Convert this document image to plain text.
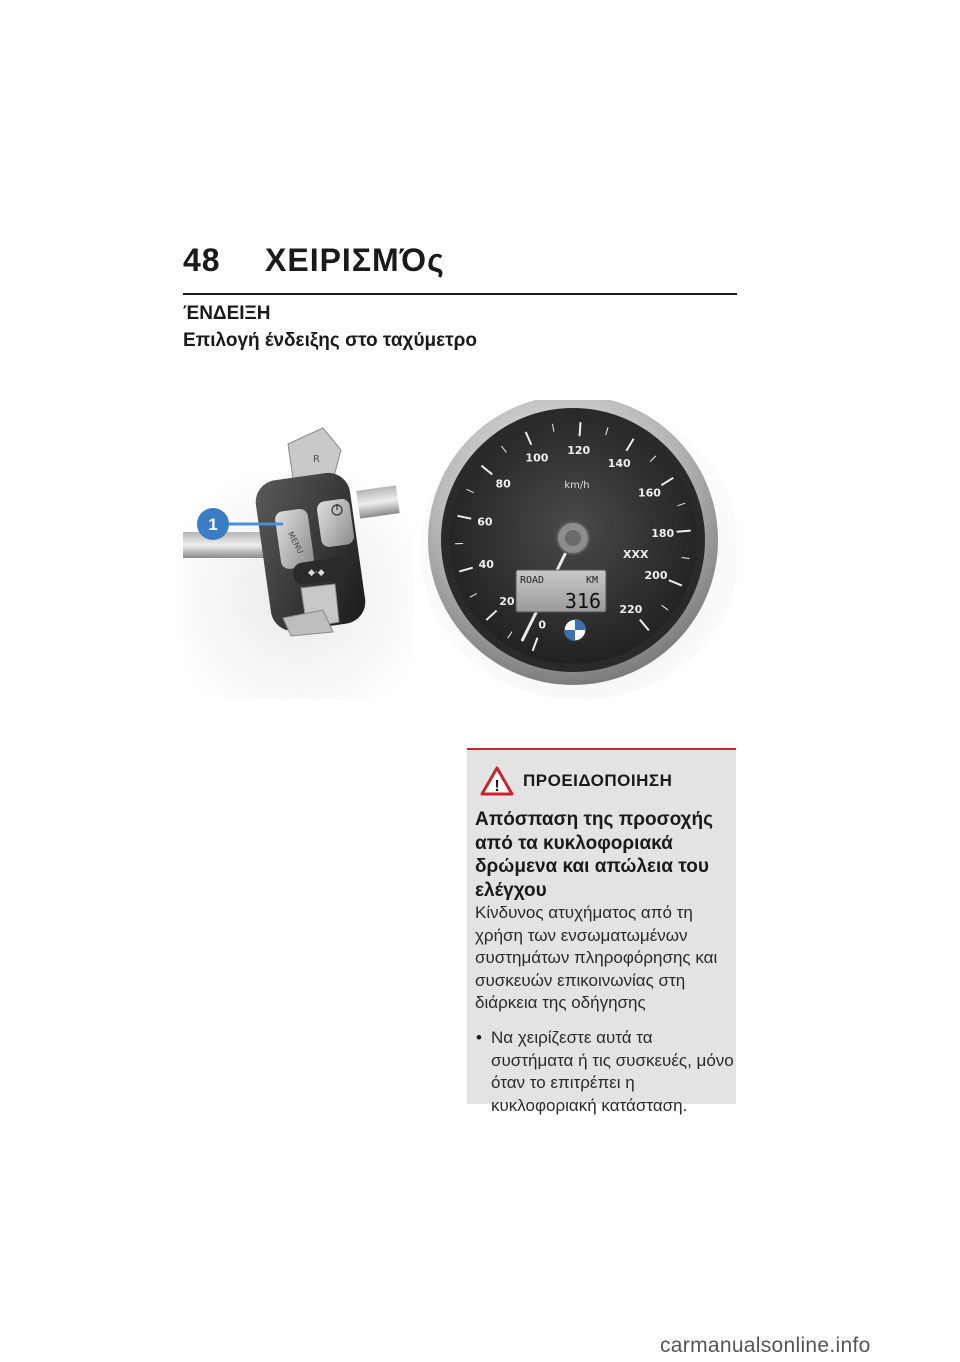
48 ΧΕΙΡΙΣΜΌς
ΈΝΔΕΙΞΗ
Επιλογή ένδειξης στο ταχύμετρο
R
MENU
◆·◆
1
0
20
40
60
80
100
120
140
160
180
200
220
km/h
XXX
ROAD	KM
316
! ΠΡΟΕΙΔΟΠΟΙΗΣΗ
Απόσπαση της προσοχής από τα κυκλοφοριακά δρώμενα και απώλεια του ελέγχου
Κίνδυνος ατυχήματος από τη χρήση των ενσωματωμένων συστημάτων πληροφόρησης και συσκευών επικοινωνίας στη διάρκεια της οδήγησης
• Να χειρίζεστε αυτά τα συστήματα ή τις συσκευές, μόνο όταν το επιτρέπει η κυκλοφοριακή κατάσταση.
carmanualsonline.info
